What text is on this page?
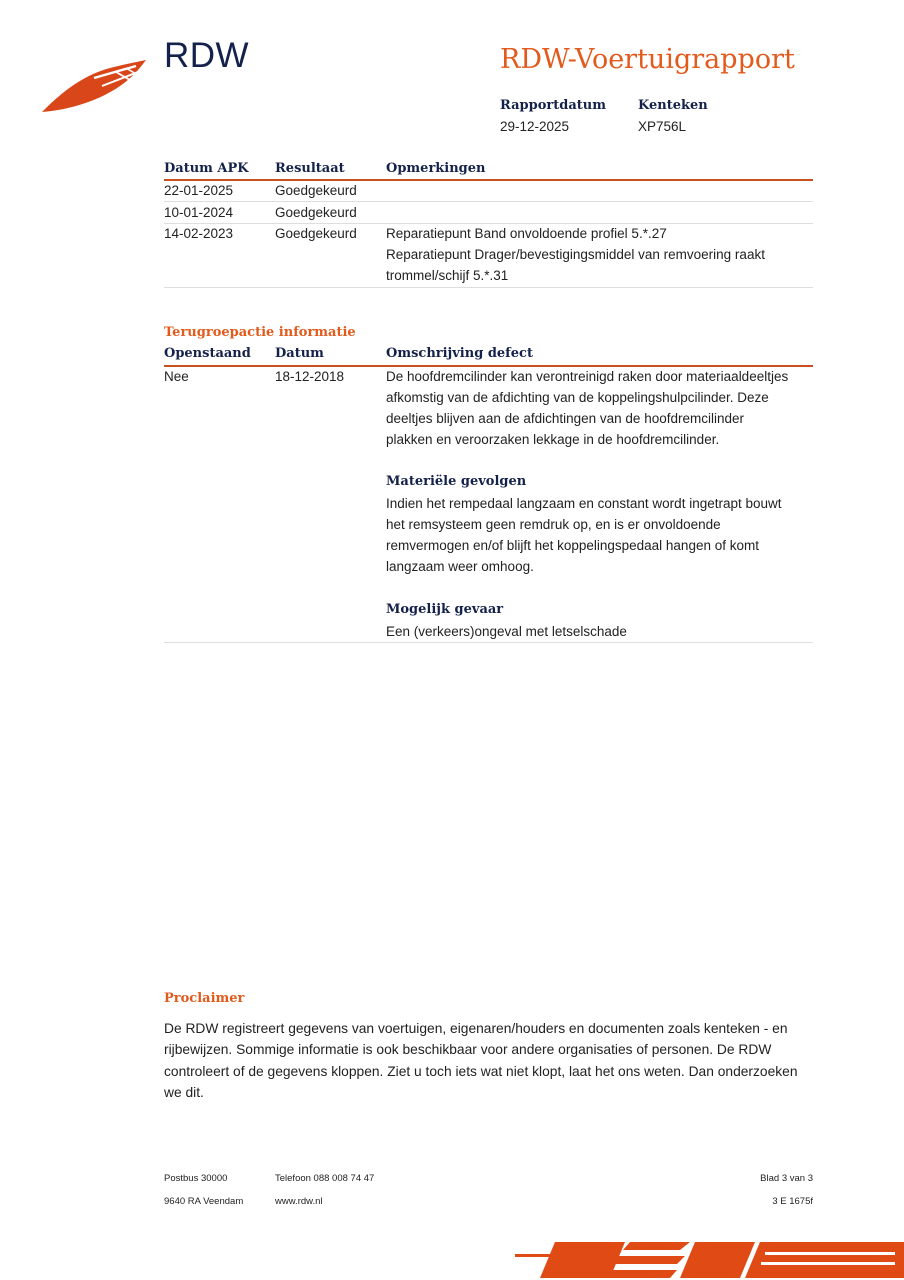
RDW	RDW-Voertuigrapport
Rapportdatum
29-12-2025
Kenteken
XP756L
Datum APK Resultaat	Opmerkingen
22-01-2025	Goedgekeurd
10-01-2024	Goedgekeurd
14-02-2023	Goedgekeurd Reparatiepunt Band onvoldoende profiel 5.*.27
Reparatiepunt Drager/bevestigingsmiddel van remvoering raakt
trommel/schijf 5.*.31
Terugroepactie informatie
Openstaand Datum	Omschrijving defect
Nee	18-12-2018	De hoofdremcilinder kan verontreinigd raken door materiaaldeeltjes
afkomstig van de afdichting van de koppelingshulpcilinder. Deze
deeltjes blijven aan de afdichtingen van de hoofdremcilinder
plakken en veroorzaken lekkage in de hoofdremcilinder.
Materiële gevolgen
Indien het rempedaal langzaam en constant wordt ingetrapt bouwt
het remsysteem geen remdruk op, en is er onvoldoende
remvermogen en/of blijft het koppelingspedaal hangen of komt
langzaam weer omhoog.
Mogelijk gevaar
Een (verkeers)ongeval met letselschade
Proclaimer
De RDW registreert gegevens van voertuigen, eigenaren/houders en documenten zoals kenteken - en rijbewijzen. Sommige informatie is ook beschikbaar voor andere organisaties of personen. De RDW controleert of de gegevens kloppen. Ziet u toch iets wat niet klopt, laat het ons weten. Dan onderzoeken we dit.
Postbus 30000
9640 RA Veendam
Telefoon 088 008 74 47
www.rdw.nl
Blad 3 van 3
3 E 1675f
